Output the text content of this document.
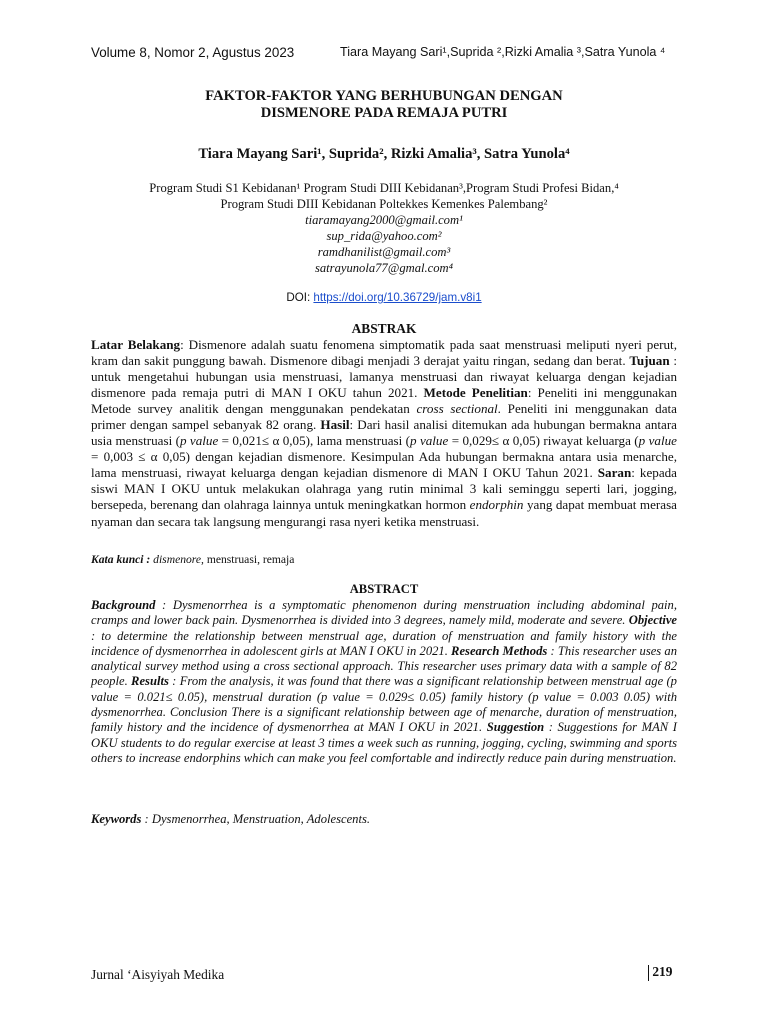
Volume 8, Nomor 2, Agustus 2023	Tiara Mayang Sari¹,Suprida ²,Rizki Amalia ³,Satra Yunola ⁴
FAKTOR-FAKTOR YANG BERHUBUNGAN DENGAN
DISMENORE PADA REMAJA PUTRI
Tiara Mayang Sari¹, Suprida², Rizki Amalia³, Satra Yunola⁴
Program Studi S1 Kebidanan¹ Program Studi DIII Kebidanan³,Program Studi Profesi Bidan,⁴
Program Studi DIII Kebidanan Poltekkes Kemenkes Palembang²
tiaramayang2000@gmail.com¹
sup_rida@yahoo.com²
ramdhanilist@gmail.com³
satrayunola77@gmal.com⁴
DOI: https://doi.org/10.36729/jam.v8i1
ABSTRAK
Latar Belakang: Dismenore adalah suatu fenomena simptomatik pada saat menstruasi meliputi nyeri perut, kram dan sakit punggung bawah. Dismenore dibagi menjadi 3 derajat yaitu ringan, sedang dan berat. Tujuan : untuk mengetahui hubungan usia menstruasi, lamanya menstruasi dan riwayat keluarga dengan kejadian dismenore pada remaja putri di MAN I OKU tahun 2021. Metode Penelitian: Peneliti ini menggunakan Metode survey analitik dengan menggunakan pendekatan cross sectional. Peneliti ini menggunakan data primer dengan sampel sebanyak 82 orang. Hasil: Dari hasil analisi ditemukan ada hubungan bermakna antara usia menstruasi (p value = 0,021≤ α 0,05), lama menstruasi (p value = 0,029≤ α 0,05) riwayat keluarga (p value = 0,003 ≤ α 0,05) dengan kejadian dismenore. Kesimpulan Ada hubungan bermakna antara usia menarche, lama menstruasi, riwayat keluarga dengan kejadian dismenore di MAN I OKU Tahun 2021. Saran: kepada siswi MAN I OKU untuk melakukan olahraga yang rutin minimal 3 kali seminggu seperti lari, jogging, bersepeda, berenang dan olahraga lainnya untuk meningkatkan hormon endorphin yang dapat membuat merasa nyaman dan secara tak langsung mengurangi rasa nyeri ketika menstruasi.
Kata kunci : dismenore, menstruasi, remaja
ABSTRACT
Background : Dysmenorrhea is a symptomatic phenomenon during menstruation including abdominal pain, cramps and lower back pain. Dysmenorrhea is divided into 3 degrees, namely mild, moderate and severe. Objective : to determine the relationship between menstrual age, duration of menstruation and family history with the incidence of dysmenorrhea in adolescent girls at MAN I OKU in 2021. Research Methods : This researcher uses an analytical survey method using a cross sectional approach. This researcher uses primary data with a sample of 82 people. Results : From the analysis, it was found that there was a significant relationship between menstrual age (p value = 0.021≤ 0.05), menstrual duration (p value = 0.029≤ 0.05) family history (p value = 0.003 0.05) with dysmenorrhea. Conclusion There is a significant relationship between age of menarche, duration of menstruation, family history and the incidence of dysmenorrhea at MAN I OKU in 2021. Suggestion : Suggestions for MAN I OKU students to do regular exercise at least 3 times a week such as running, jogging, cycling, swimming and sports others to increase endorphins which can make you feel comfortable and indirectly reduce pain during menstruation.
Keywords : Dysmenorrhea, Menstruation, Adolescents.
Jurnal ‘Aisyiyah Medika	219
